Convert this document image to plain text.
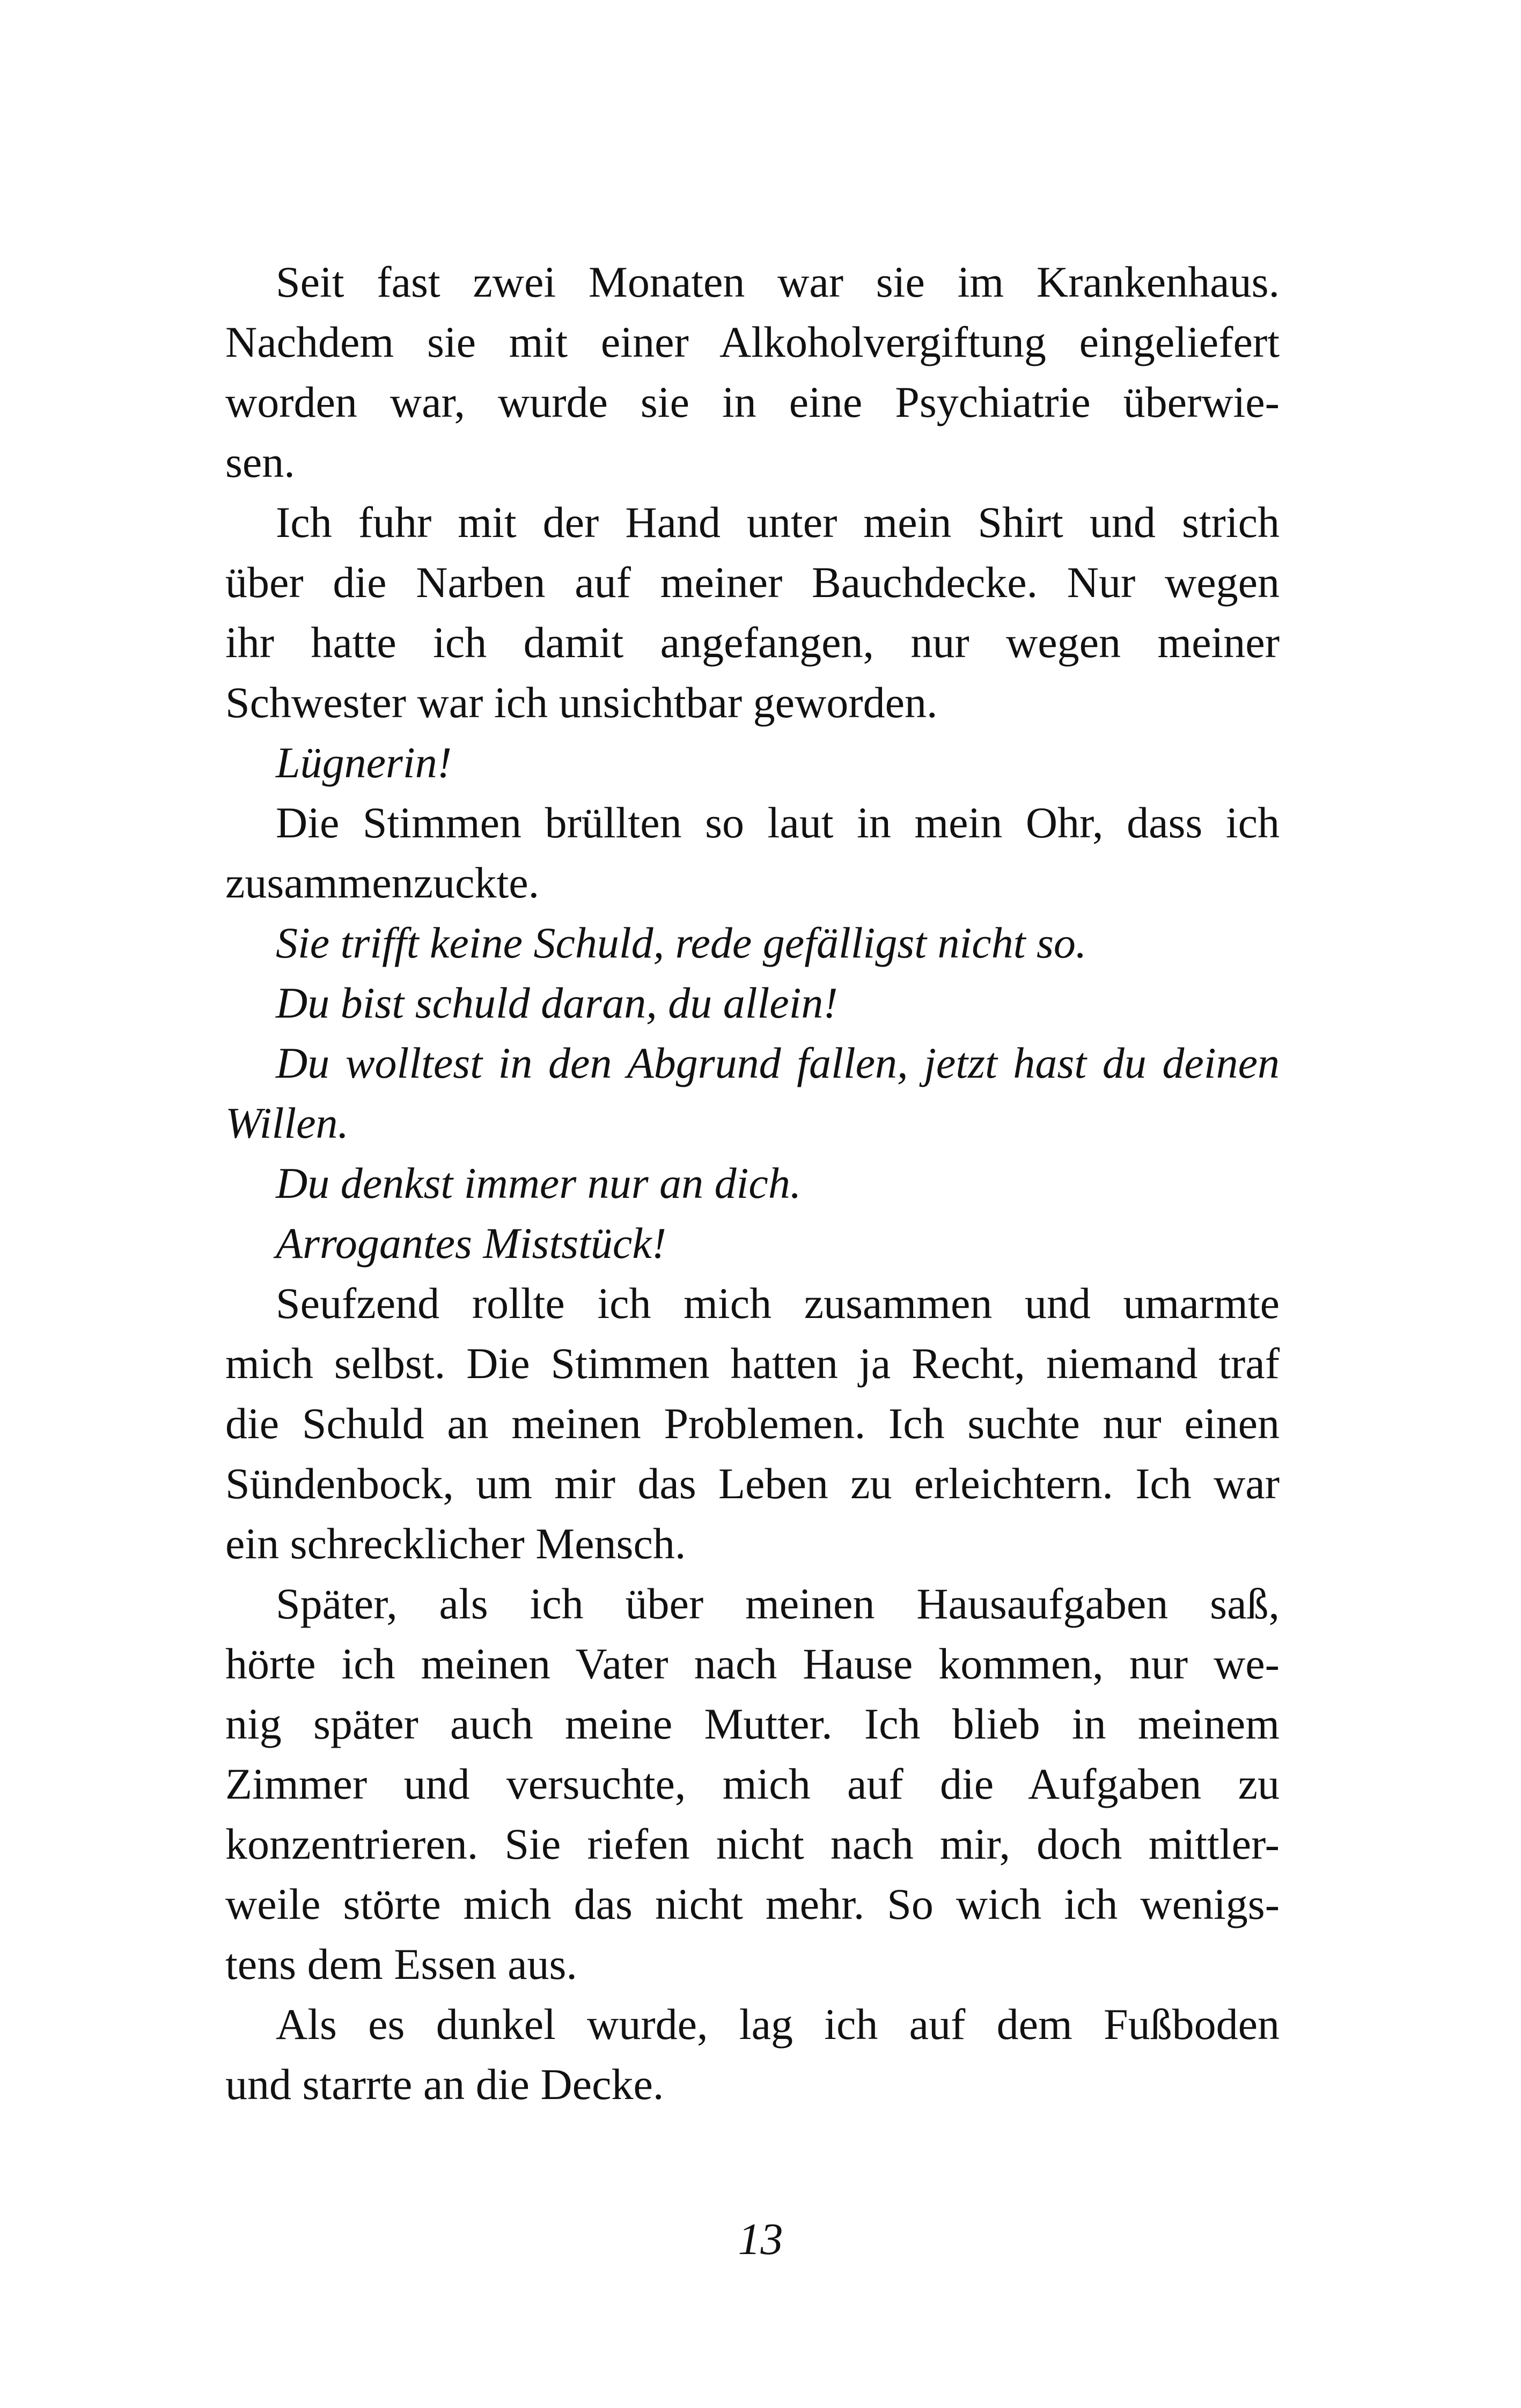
Seit fast zwei Monaten war sie im Krankenhaus.
Nachdem sie mit einer Alkoholvergiftung eingeliefert
worden war, wurde sie in eine Psychiatrie überwie-
sen.
Ich fuhr mit der Hand unter mein Shirt und strich
über die Narben auf meiner Bauchdecke. Nur wegen
ihr hatte ich damit angefangen, nur wegen meiner
Schwester war ich unsichtbar geworden.
Lügnerin!
Die Stimmen brüllten so laut in mein Ohr, dass ich
zusammenzuckte.
Sie trifft keine Schuld, rede gefälligst nicht so.
Du bist schuld daran, du allein!
Du wolltest in den Abgrund fallen, jetzt hast du deinen
Willen.
Du denkst immer nur an dich.
Arrogantes Miststück!
Seufzend rollte ich mich zusammen und umarmte
mich selbst. Die Stimmen hatten ja Recht, niemand traf
die Schuld an meinen Problemen. Ich suchte nur einen
Sündenbock, um mir das Leben zu erleichtern. Ich war
ein schrecklicher Mensch.
Später, als ich über meinen Hausaufgaben saß,
hörte ich meinen Vater nach Hause kommen, nur we-
nig später auch meine Mutter. Ich blieb in meinem
Zimmer und versuchte, mich auf die Aufgaben zu
konzentrieren. Sie riefen nicht nach mir, doch mittler-
weile störte mich das nicht mehr. So wich ich wenigs-
tens dem Essen aus.
Als es dunkel wurde, lag ich auf dem Fußboden
und starrte an die Decke.
13
